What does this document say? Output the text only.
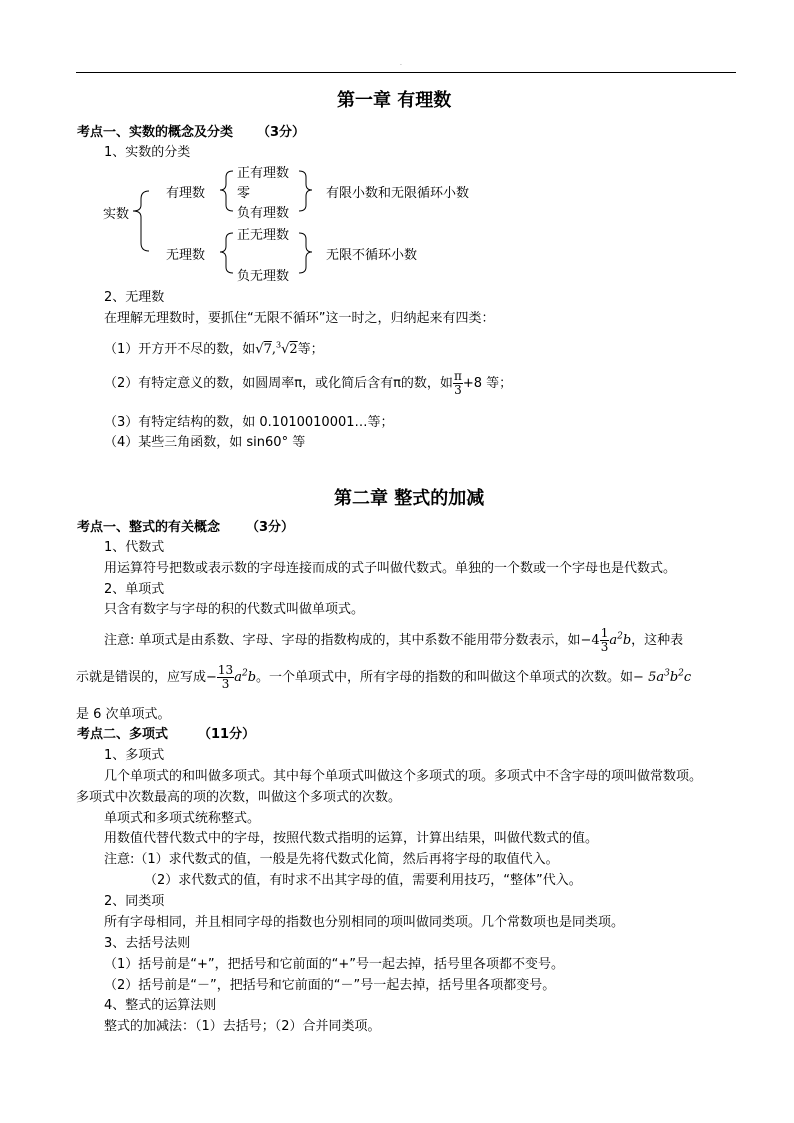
.
第一章 有理数
考点一、实数的概念及分类 （3分）
1、实数的分类
实数
有理数
正有理数
零
负有理数
有限小数和无限循环小数
无理数
正无理数
负无理数
无限不循环小数
2、无理数
在理解无理数时，要抓住“无限不循环”这一时之，归纳起来有四类：
（1）开方开不尽的数，如√7,$^3$√2等；
（2）有特定意义的数，如圆周率π，或化简后含有π的数，如 $\frac{\pi}{3} +8$ 等；
（3）有特定结构的数，如 0.1010010001…等；
（4）某些三角函数，如 sin60° 等
第二章 整式的加减
考点一、整式的有关概念 （3分）
1、代数式
用运算符号把数或表示数的字母连接而成的式子叫做代数式。单独的一个数或一个字母也是代数式。
2、单项式
只含有数字与字母的积的代数式叫做单项式。
注意: 单项式是由系数、字母、字母的指数构成的，其中系数不能用带分数表示，如$-4 \frac{1}{3} a^2b$，这种表
示就是错误的，应写成− $\frac{13}{3} a^2b$。一个单项式中，所有字母的指数的和叫做这个单项式的次数。如− $5a^3b^2c$
是 6 次单项式。
考点二、多项式 （11分）
1、多项式
几个单项式的和叫做多项式。其中每个单项式叫做这个多项式的项。多项式中不含字母的项叫做常数项。
多项式中次数最高的项的次数，叫做这个多项式的次数。
单项式和多项式统称整式。
用数值代替代数式中的字母，按照代数式指明的运算，计算出结果，叫做代数式的值。
注意:（1）求代数式的值，一般是先将代数式化简，然后再将字母的取值代入。
（2）求代数式的值，有时求不出其字母的值，需要利用技巧，“整体”代入。
2、同类项
所有字母相同，并且相同字母的指数也分别相同的项叫做同类项。几个常数项也是同类项。
3、去括号法则
（1）括号前是“+”，把括号和它前面的“+”号一起去掉，括号里各项都不变号。
（2）括号前是“－”，把括号和它前面的“－”号一起去掉，括号里各项都变号。
4、整式的运算法则
整式的加减法：（1）去括号；（2）合并同类项。
